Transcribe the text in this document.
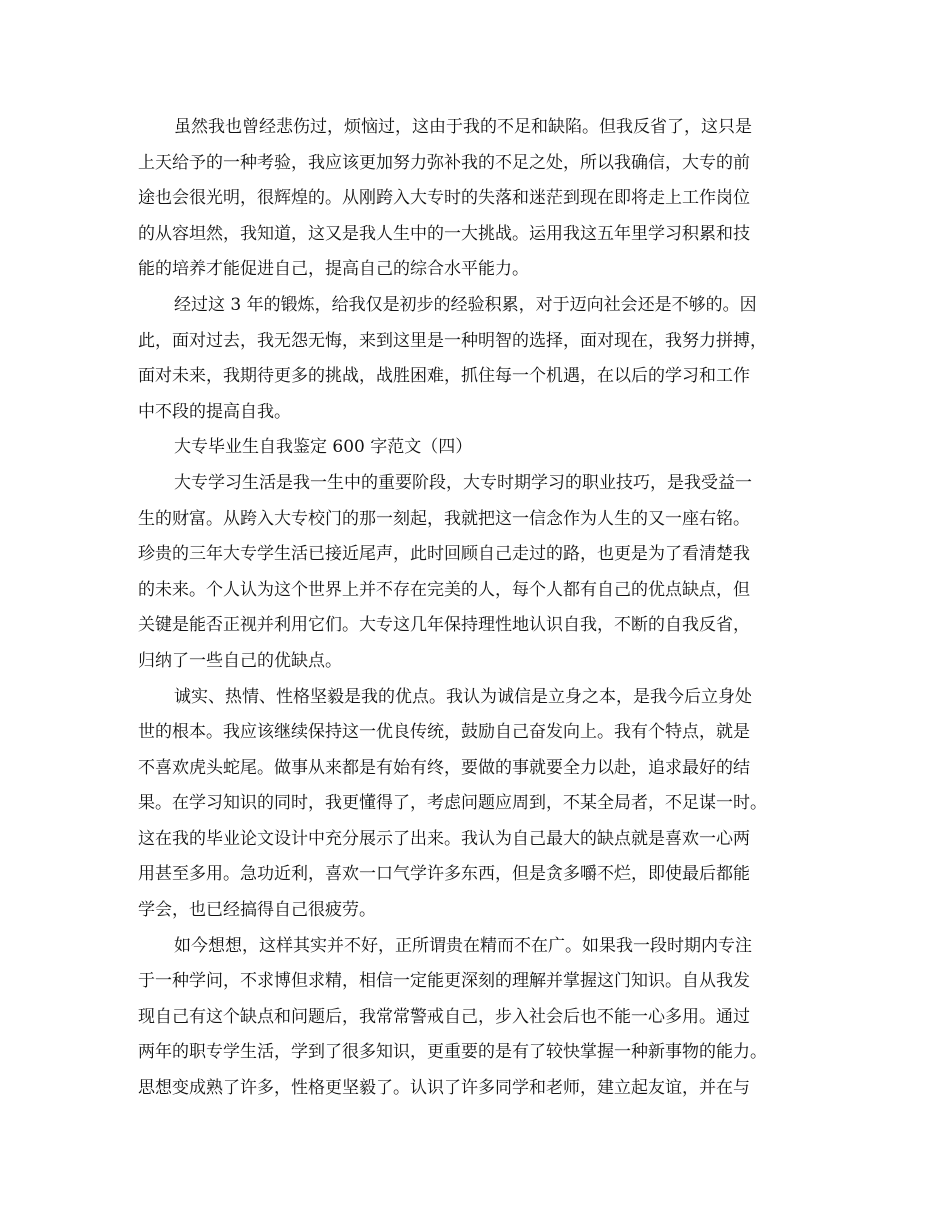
虽然我也曾经悲伤过，烦恼过，这由于我的不足和缺陷。但我反省了，这只是
上天给予的一种考验，我应该更加努力弥补我的不足之处，所以我确信，大专的前
途也会很光明，很辉煌的。从刚跨入大专时的失落和迷茫到现在即将走上工作岗位
的从容坦然，我知道，这又是我人生中的一大挑战。运用我这五年里学习积累和技
能的培养才能促进自己，提高自己的综合水平能力。
经过这 3 年的锻炼，给我仅是初步的经验积累，对于迈向社会还是不够的。因
此，面对过去，我无怨无悔，来到这里是一种明智的选择，面对现在，我努力拼搏，
面对未来，我期待更多的挑战，战胜困难，抓住每一个机遇，在以后的学习和工作
中不段的提高自我。
大专毕业生自我鉴定 600 字范文（四）
大专学习生活是我一生中的重要阶段，大专时期学习的职业技巧，是我受益一
生的财富。从跨入大专校门的那一刻起，我就把这一信念作为人生的又一座右铭。
珍贵的三年大专学生活已接近尾声，此时回顾自己走过的路，也更是为了看清楚我
的未来。个人认为这个世界上并不存在完美的人，每个人都有自己的优点缺点，但
关键是能否正视并利用它们。大专这几年保持理性地认识自我，不断的自我反省，
归纳了一些自己的优缺点。
诚实、热情、性格坚毅是我的优点。我认为诚信是立身之本，是我今后立身处
世的根本。我应该继续保持这一优良传统，鼓励自己奋发向上。我有个特点，就是
不喜欢虎头蛇尾。做事从来都是有始有终，要做的事就要全力以赴，追求最好的结
果。在学习知识的同时，我更懂得了，考虑问题应周到，不某全局者，不足谋一时。
这在我的毕业论文设计中充分展示了出来。我认为自己最大的缺点就是喜欢一心两
用甚至多用。急功近利，喜欢一口气学许多东西，但是贪多嚼不烂，即使最后都能
学会，也已经搞得自己很疲劳。
如今想想，这样其实并不好，正所谓贵在精而不在广。如果我一段时期内专注
于一种学问，不求博但求精，相信一定能更深刻的理解并掌握这门知识。自从我发
现自己有这个缺点和问题后，我常常警戒自己，步入社会后也不能一心多用。通过
两年的职专学生活，学到了很多知识，更重要的是有了较快掌握一种新事物的能力。
思想变成熟了许多，性格更坚毅了。认识了许多同学和老师，建立起友谊，并在与
